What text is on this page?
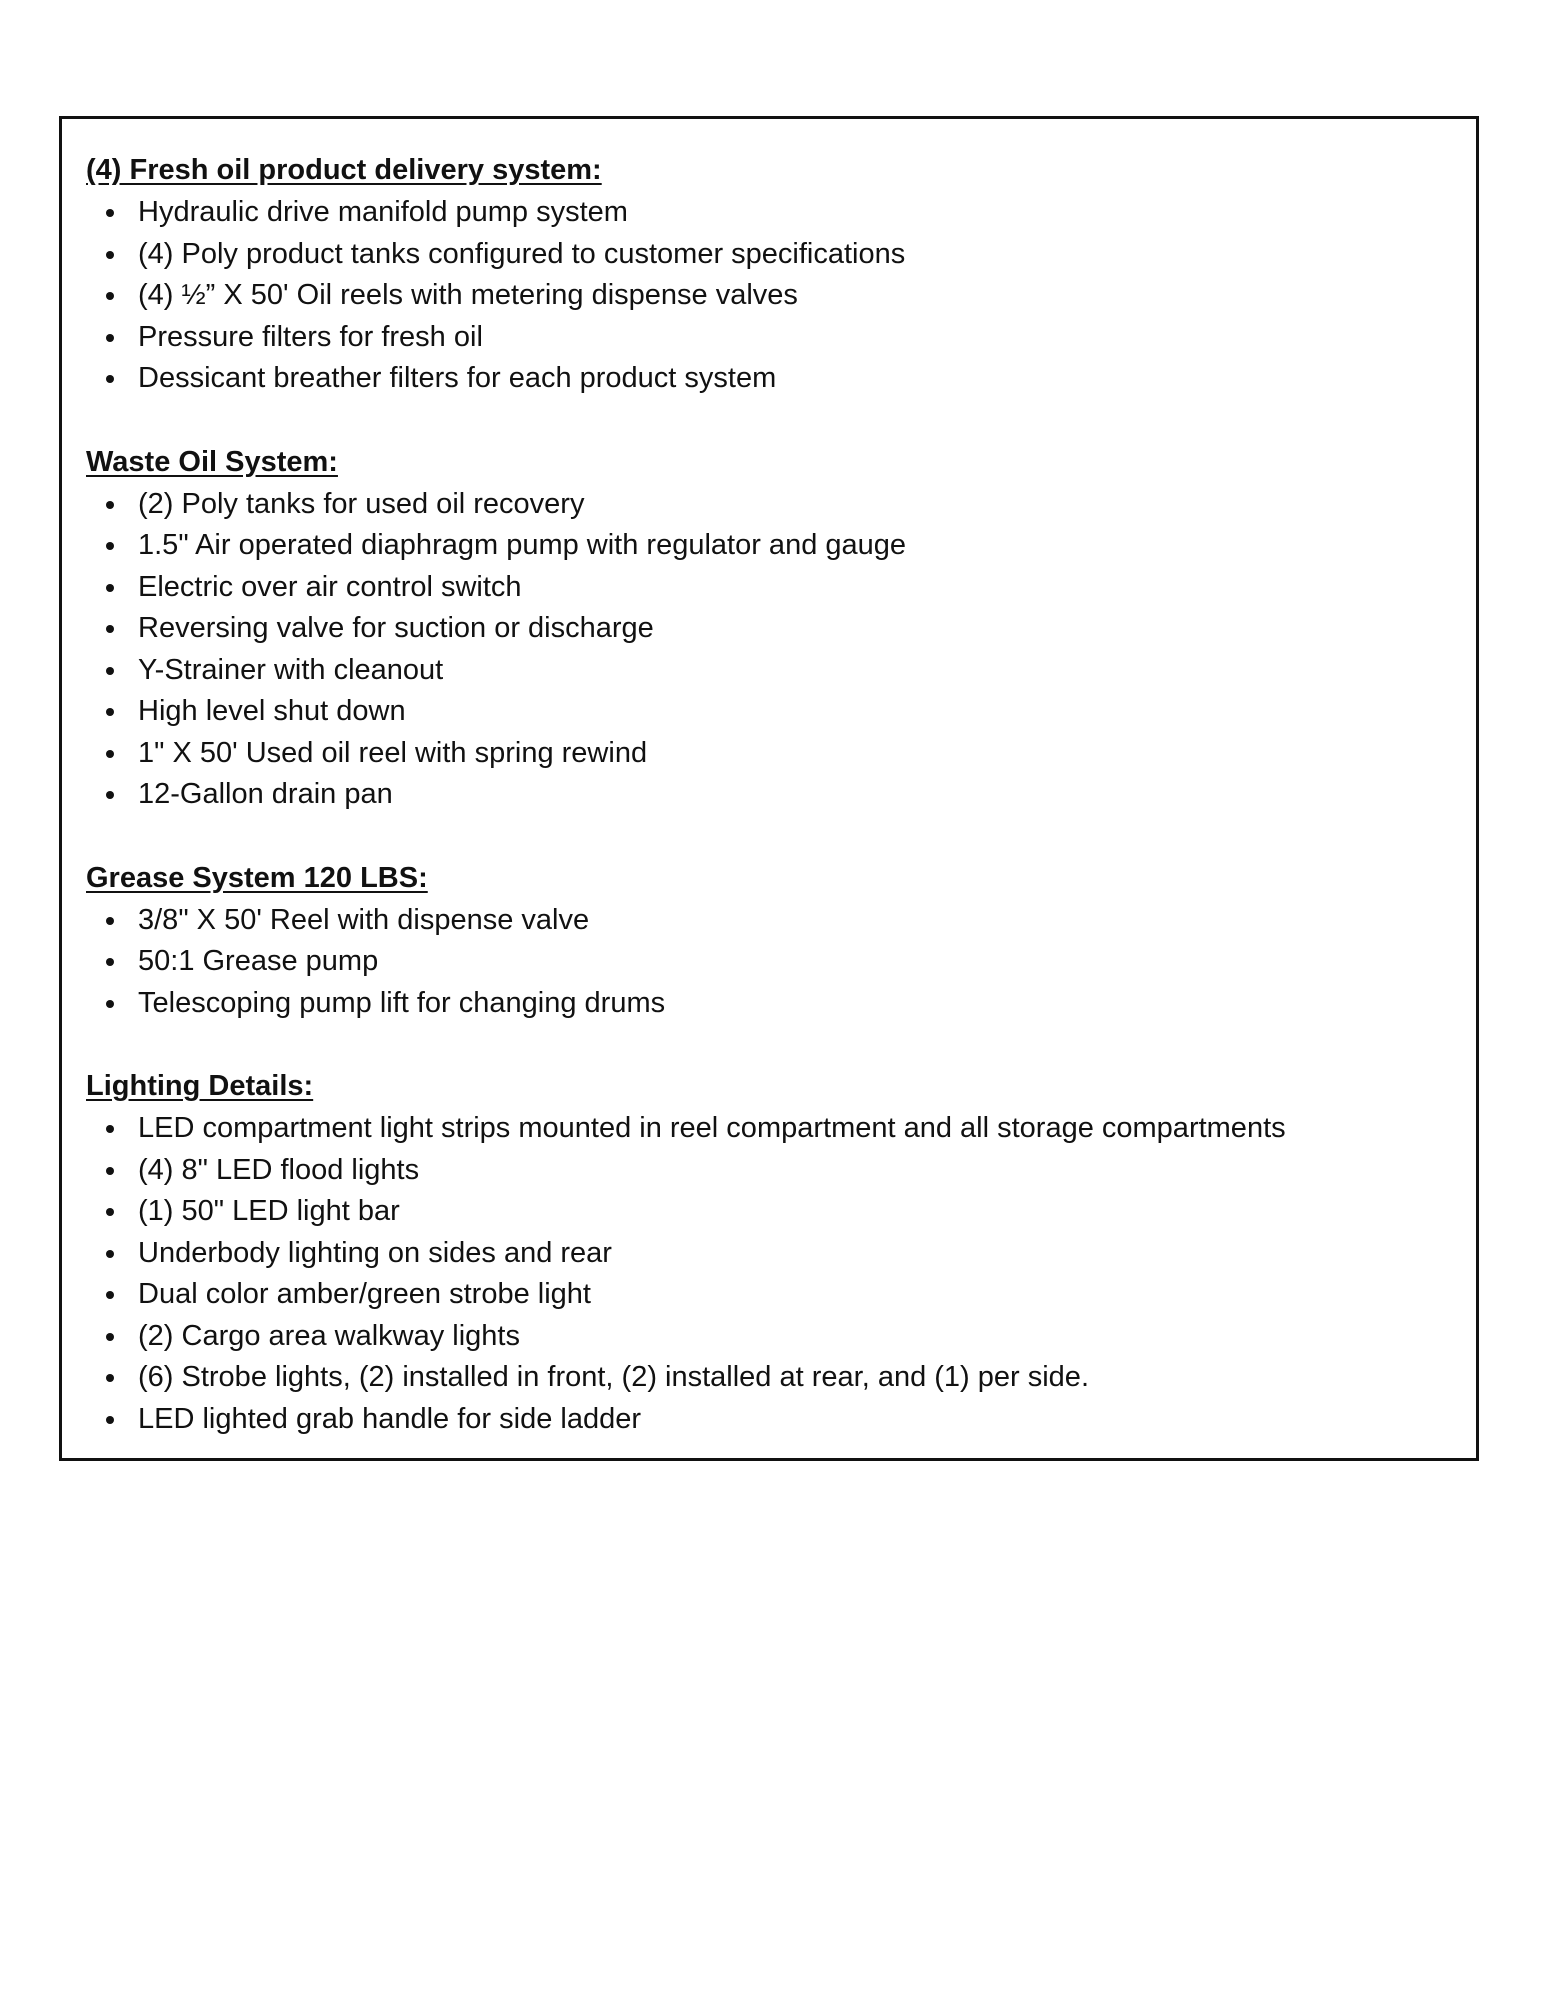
(4) Fresh oil product delivery system:
Hydraulic drive manifold pump system
(4) Poly product tanks configured to customer specifications
(4) ½” X 50' Oil reels with metering dispense valves
Pressure filters for fresh oil
Dessicant breather filters for each product system
Waste Oil System:
(2) Poly tanks for used oil recovery
1.5" Air operated diaphragm pump with regulator and gauge
Electric over air control switch
Reversing valve for suction or discharge
Y-Strainer with cleanout
High level shut down
1" X 50' Used oil reel with spring rewind
12-Gallon drain pan
Grease System 120 LBS:
3/8" X 50' Reel with dispense valve
50:1 Grease pump
Telescoping pump lift for changing drums
Lighting Details:
LED compartment light strips mounted in reel compartment and all storage compartments
(4) 8" LED flood lights
(1) 50" LED light bar
Underbody lighting on sides and rear
Dual color amber/green strobe light
(2) Cargo area walkway lights
(6) Strobe lights, (2) installed in front, (2) installed at rear, and (1) per side.
LED lighted grab handle for side ladder
